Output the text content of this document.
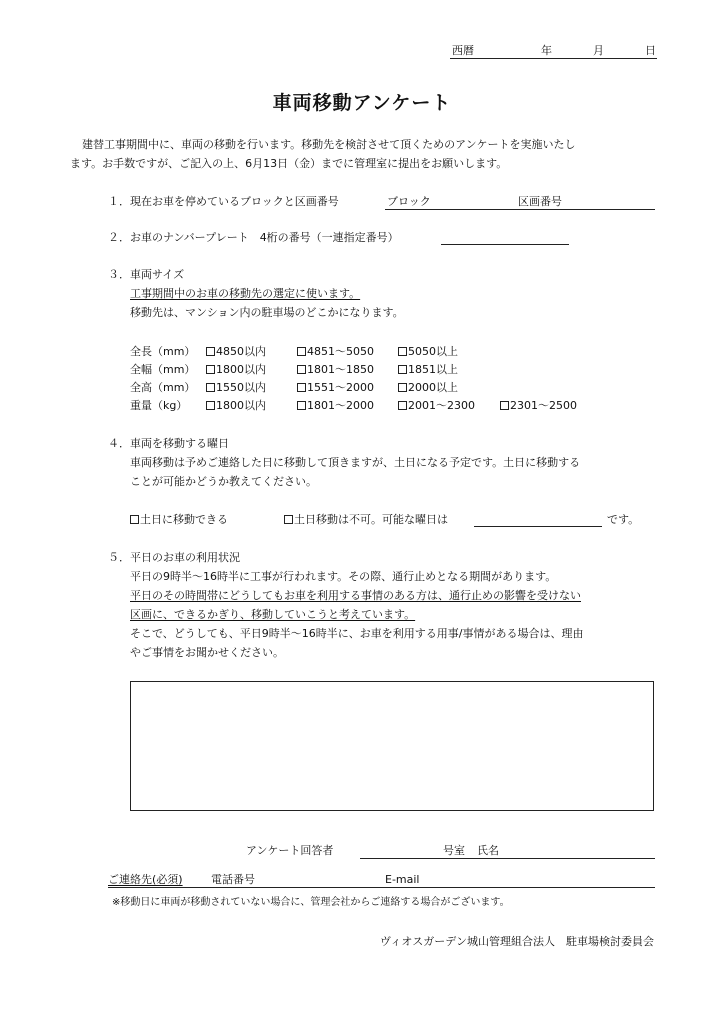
西暦	年	月	日
車両移動アンケート
建替工事期間中に、車両の移動を行います。移動先を検討させて頂くためのアンケートを実施いたし
ます。お手数ですが、ご記入の上、6月13日（金）までに管理室に提出をお願いします。
１．現在お車を停めているブロックと区画番号	ブロック	区画番号
２．お車のナンバープレート　4桁の番号（一連指定番号）
３．車両サイズ
工事期間中のお車の移動先の選定に使います。
移動先は、マンション内の駐車場のどこかになります。
全長（mm）	4850以内	4851～5050	5050以上
全幅（mm）	1800以内	1801～1850	1851以上
全高（mm）	1550以内	1551～2000	2000以上
重量（kg）	1800以内	1801～2000	2001～2300	2301～2500
４．車両を移動する曜日
車両移動は予めご連絡した日に移動して頂きますが、土日になる予定です。土日に移動する
ことが可能かどうか教えてください。
土日に移動できる	土日移動は不可。可能な曜日は	です。
５．平日のお車の利用状況
平日の9時半～16時半に工事が行われます。その際、通行止めとなる期間があります。
平日のその時間帯にどうしてもお車を利用する事情のある方は、通行止めの影響を受けない
区画に、できるかぎり、移動していこうと考えています。
そこで、どうしても、平日9時半～16時半に、お車を利用する用事/事情がある場合は、理由
やご事情をお聞かせください。
アンケート回答者	号室 氏名
ご連絡先(必須)	電話番号	E-mail
※移動日に車両が移動されていない場合に、管理会社からご連絡する場合がございます。
ヴィオスガーデン城山管理組合法人　駐車場検討委員会
